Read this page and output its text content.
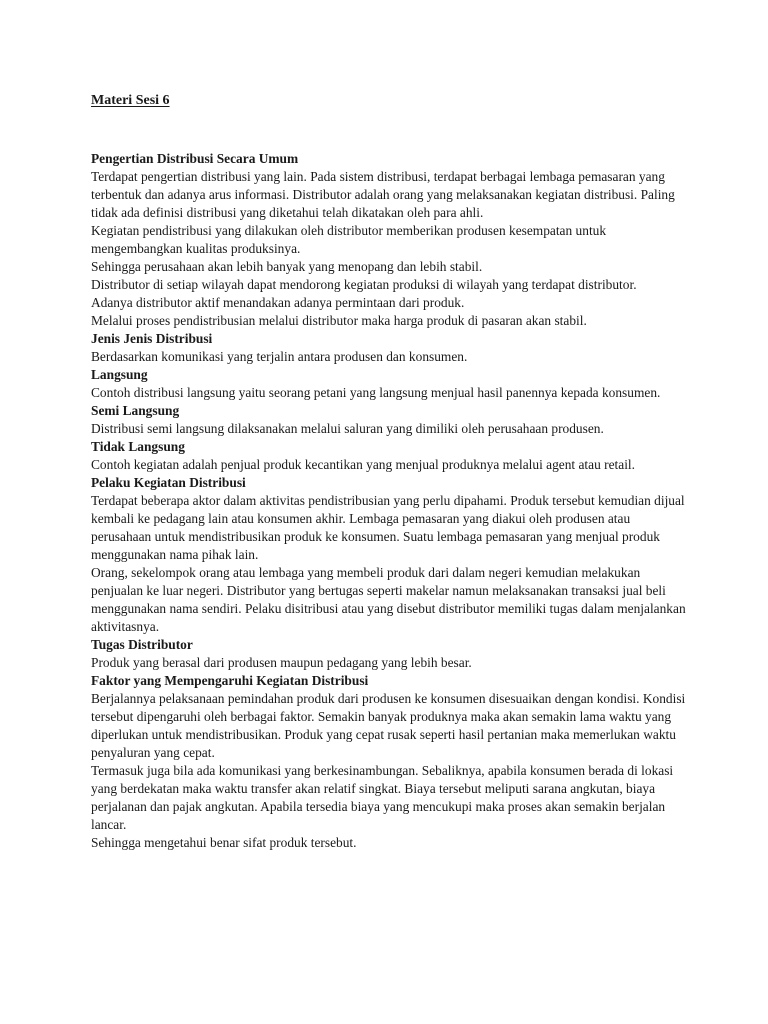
Materi Sesi 6

Pengertian Distribusi Secara Umum

Terdapat pengertian distribusi yang lain. Pada sistem distribusi, terdapat berbagai lembaga pemasaran yang terbentuk dan adanya arus informasi. Distributor adalah orang yang melaksanakan kegiatan distribusi. Paling tidak ada definisi distribusi yang diketahui telah dikatakan oleh para ahli.

Kegiatan pendistribusi yang dilakukan oleh distributor memberikan produsen kesempatan untuk mengembangkan kualitas produksinya.

Sehingga perusahaan akan lebih banyak yang menopang dan lebih stabil.

Distributor di setiap wilayah dapat mendorong kegiatan produksi di wilayah yang terdapat distributor.

Adanya distributor aktif menandakan adanya permintaan dari produk.

Melalui proses pendistribusian melalui distributor maka harga produk di pasaran akan stabil.

Jenis Jenis Distribusi

Berdasarkan komunikasi yang terjalin antara produsen dan konsumen.

Langsung

Contoh distribusi langsung yaitu seorang petani yang langsung menjual hasil panennya kepada konsumen.

Semi Langsung

Distribusi semi langsung dilaksanakan melalui saluran yang dimiliki oleh perusahaan produsen.

Tidak Langsung

Contoh kegiatan adalah penjual produk kecantikan yang menjual produknya melalui agent atau retail.

Pelaku Kegiatan Distribusi

Terdapat beberapa aktor dalam aktivitas pendistribusian yang perlu dipahami. Produk tersebut kemudian dijual kembali ke pedagang lain atau konsumen akhir. Lembaga pemasaran yang diakui oleh produsen atau perusahaan untuk mendistribusikan produk ke konsumen. Suatu lembaga pemasaran yang menjual produk menggunakan nama pihak lain.

Orang, sekelompok orang atau lembaga yang membeli produk dari dalam negeri kemudian melakukan penjualan ke luar negeri. Distributor yang bertugas seperti makelar namun melaksanakan transaksi jual beli menggunakan nama sendiri. Pelaku disitribusi atau yang disebut distributor memiliki tugas dalam menjalankan aktivitasnya.

Tugas Distributor

Produk yang berasal dari produsen maupun pedagang yang lebih besar.

Faktor yang Mempengaruhi Kegiatan Distribusi

Berjalannya pelaksanaan pemindahan produk dari produsen ke konsumen disesuaikan dengan kondisi. Kondisi tersebut dipengaruhi oleh berbagai faktor. Semakin banyak produknya maka akan semakin lama waktu yang diperlukan untuk mendistribusikan. Produk yang cepat rusak seperti hasil pertanian maka memerlukan waktu penyaluran yang cepat.

Termasuk juga bila ada komunikasi yang berkesinambungan. Sebaliknya, apabila konsumen berada di lokasi yang berdekatan maka waktu transfer akan relatif singkat. Biaya tersebut meliputi sarana angkutan, biaya perjalanan dan pajak angkutan. Apabila tersedia biaya yang mencukupi maka proses akan semakin berjalan lancar.

Sehingga mengetahui benar sifat produk tersebut.
